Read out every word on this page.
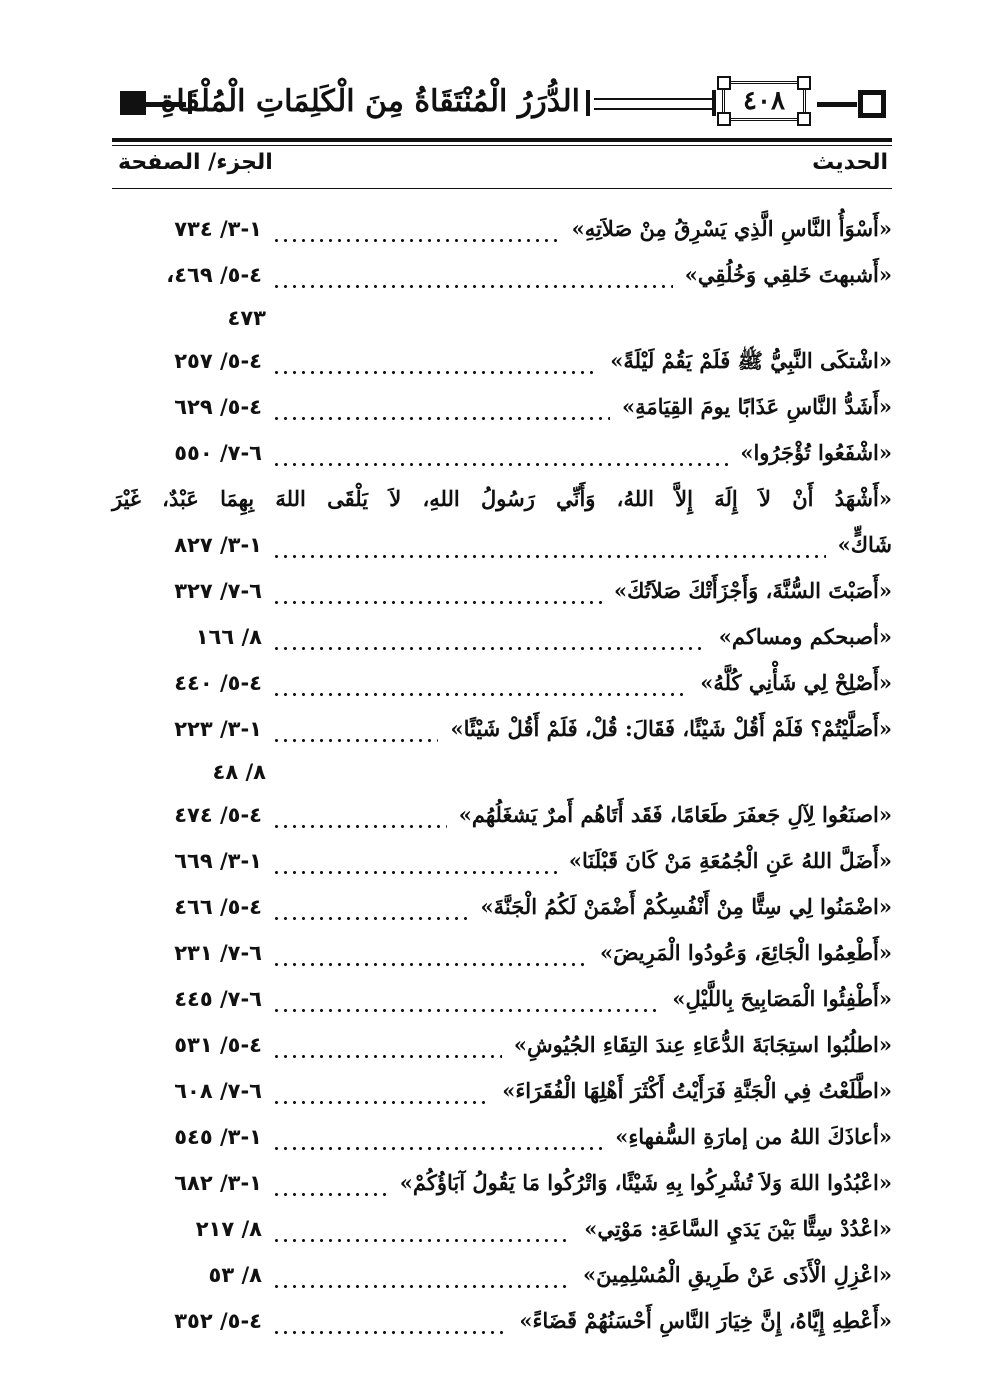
الدُّرَرُ الْمُنْتَقَاةُ مِنَ الْكَلِمَاتِ الْمُلْقَاةِ	٤٠٨
الحديث
الجزء/ الصفحة
«أَسْوَأُ النَّاسِ الَّذِي يَسْرِقُ مِنْ صَلاَتِهِ»
١-٣/ ٧٣٤
«أَشبهتَ خَلقِي وَخُلُقِي»
٤-٥/ ٤٦٩،
٤٧٣
«اشْتكَى النَّبِيُّ ﷺ فَلَمْ يَقُمْ لَيْلَةً»
٤-٥/ ٢٥٧
«أَشَدُّ النَّاسِ عَذَابًا يومَ القِيَامَةِ»
٤-٥/ ٦٢٩
«اشْفَعُوا تُؤْجَرُوا»
٦-٧/ ٥٥٠
«أَشْهَدُ أَنْ لاَ إِلَهَ إِلاَّ اللهُ، وَأَنِّي رَسُولُ اللهِ، لاَ يَلْقَى اللهَ بِهِمَا عَبْدٌ، غَيْرَ
شَاكٍّ»
١-٣/ ٨٢٧
«أَصَبْتَ السُّنَّةَ، وَأَجْزَأَتْكَ صَلاَتُكَ»
٦-٧/ ٣٢٧
«أصبحكم ومساكم»
٨/ ١٦٦
«أَصْلِحْ لِي شَأْنِي كُلَّهُ»
٤-٥/ ٤٤٠
«أَصَلَّيْتُمْ؟ فَلَمْ أَقُلْ شَيْئًا، فَقَالَ: قُلْ، فَلَمْ أَقُلْ شَيْئًا»
١-٣/ ٢٢٣
٨/ ٤٨
«اصنَعُوا لِآلِ جَعفَرَ طَعَامًا، فَقَد أَتَاهُم أَمرٌ يَشغَلُهُم»
٤-٥/ ٤٧٤
«أَضَلَّ اللهُ عَنِ الْجُمُعَةِ مَنْ كَانَ قَبْلَنَا»
١-٣/ ٦٦٩
«اضْمَنُوا لِي سِتًّا مِنْ أَنْفُسِكُمْ أَضْمَنْ لَكُمُ الْجَنَّةَ»
٤-٥/ ٤٦٦
«أَطْعِمُوا الْجَائِعَ، وَعُودُوا الْمَرِيضَ»
٦-٧/ ٢٣١
«أَطْفِئُوا الْمَصَابِيحَ بِاللَّيْلِ»
٦-٧/ ٤٤٥
«اطلُبُوا استِجَابَةَ الدُّعَاءِ عِندَ التِقَاءِ الجُيُوشِ»
٤-٥/ ٥٣١
«اطَّلَعْتُ فِي الْجَنَّةِ فَرَأَيْتُ أَكْثَرَ أَهْلِهَا الْفُقَرَاءَ»
٦-٧/ ٦٠٨
«أعاذَكَ اللهُ من إمارَةِ السُّفهاءِ»
١-٣/ ٥٤٥
«اعْبُدُوا اللهَ وَلاَ تُشْرِكُوا بِهِ شَيْئًا، وَاتْرُكُوا مَا يَقُولُ آبَاؤُكُمْ»
١-٣/ ٦٨٢
«اعْدُدْ سِتًّا بَيْنَ يَدَيِ السَّاعَةِ: مَوْتِي»
٨/ ٢١٧
«اعْزِلِ الْأَذَى عَنْ طَرِيقِ الْمُسْلِمِينَ»
٨/ ٥٣
«أَعْطِهِ إِيَّاهُ، إِنَّ خِيَارَ النَّاسِ أَحْسَنُهُمْ قَضَاءً»
٤-٥/ ٣٥٢
